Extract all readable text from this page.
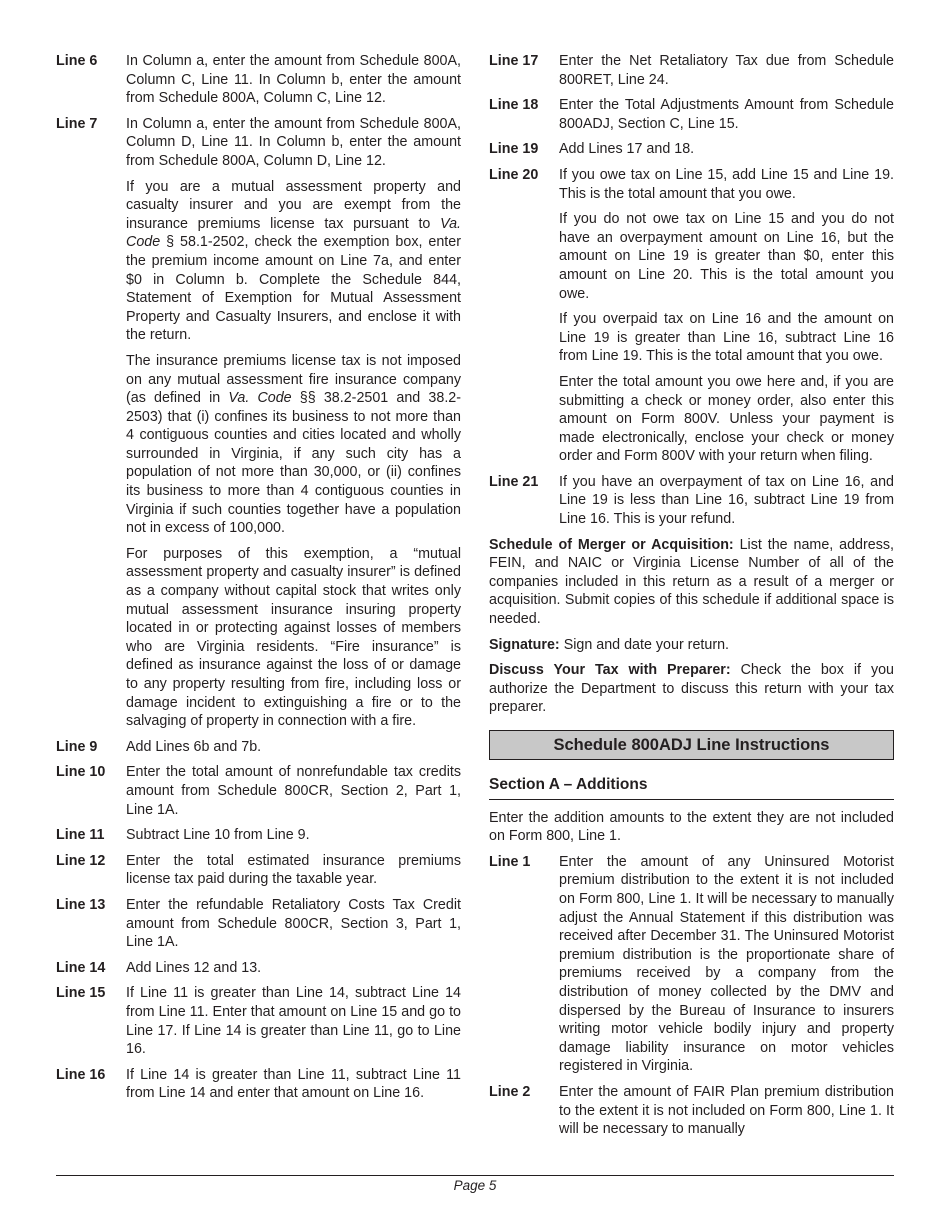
Line 6	In Column a, enter the amount from Schedule 800A, Column C, Line 11. In Column b, enter the amount from Schedule 800A, Column C, Line 12.

Line 7	In Column a, enter the amount from Schedule 800A, Column D, Line 11. In Column b, enter the amount from Schedule 800A, Column D, Line 12.

If you are a mutual assessment property and casualty insurer and you are exempt from the insurance premiums license tax pursuant to Va. Code § 58.1-2502, check the exemption box, enter the premium income amount on Line 7a, and enter $0 in Column b. Complete the Schedule 844, Statement of Exemption for Mutual Assessment Property and Casualty Insurers, and enclose it with the return.

The insurance premiums license tax is not imposed on any mutual assessment fire insurance company (as defined in Va. Code §§ 38.2-2501 and 38.2-2503) that (i) confines its business to not more than 4 contiguous counties and cities located and wholly surrounded in Virginia, if any such city has a population of not more than 30,000, or (ii) confines its business to more than 4 contiguous counties in Virginia if such counties together have a population not in excess of 100,000.

For purposes of this exemption, a “mutual assessment property and casualty insurer” is defined as a company without capital stock that writes only mutual assessment insurance insuring property located in or protecting against losses of members who are Virginia residents. “Fire insurance” is defined as insurance against the loss of or damage to any property resulting from fire, including loss or damage incident to extinguishing a fire or to the salvaging of property in connection with a fire.

Line 9	Add Lines 6b and 7b.

Line 10	Enter the total amount of nonrefundable tax credits amount from Schedule 800CR, Section 2, Part 1, Line 1A.

Line 11	Subtract Line 10 from Line 9.

Line 12	Enter the total estimated insurance premiums license tax paid during the taxable year.

Line 13	Enter the refundable Retaliatory Costs Tax Credit amount from Schedule 800CR, Section 3, Part 1, Line 1A.

Line 14	Add Lines 12 and 13.

Line 15	If Line 11 is greater than Line 14, subtract Line 14 from Line 11. Enter that amount on Line 15 and go to Line 17. If Line 14 is greater than Line 11, go to Line 16.

Line 16	If Line 14 is greater than Line 11, subtract Line 11 from Line 14 and enter that amount on Line 16.

Line 17	Enter the Net Retaliatory Tax due from Schedule 800RET, Line 24.

Line 18	Enter the Total Adjustments Amount from Schedule 800ADJ, Section C, Line 15.

Line 19	Add Lines 17 and 18.

Line 20	If you owe tax on Line 15, add Line 15 and Line 19. This is the total amount that you owe.

If you do not owe tax on Line 15 and you do not have an overpayment amount on Line 16, but the amount on Line 19 is greater than $0, enter this amount on Line 20. This is the total amount you owe.

If you overpaid tax on Line 16 and the amount on Line 19 is greater than Line 16, subtract Line 16 from Line 19. This is the total amount that you owe.

Enter the total amount you owe here and, if you are submitting a check or money order, also enter this amount on Form 800V. Unless your payment is made electronically, enclose your check or money order and Form 800V with your return when filing.

Line 21	If you have an overpayment of tax on Line 16, and Line 19 is less than Line 16, subtract Line 19 from Line 16. This is your refund.

Schedule of Merger or Acquisition: List the name, address, FEIN, and NAIC or Virginia License Number of all of the companies included in this return as a result of a merger or acquisition. Submit copies of this schedule if additional space is needed.

Signature: Sign and date your return.

Discuss Your Tax with Preparer: Check the box if you authorize the Department to discuss this return with your tax preparer.

Schedule 800ADJ Line Instructions
Section A – Additions

Enter the addition amounts to the extent they are not included on Form 800, Line 1.

Line 1	Enter the amount of any Uninsured Motorist premium distribution to the extent it is not included on Form 800, Line 1. It will be necessary to manually adjust the Annual Statement if this distribution was received after December 31. The Uninsured Motorist premium distribution is the proportionate share of premiums received by a company from the distribution of money collected by the DMV and dispersed by the Bureau of Insurance to insurers writing motor vehicle bodily injury and property damage liability insurance on motor vehicles registered in Virginia.

Line 2	Enter the amount of FAIR Plan premium distribution to the extent it is not included on Form 800, Line 1. It will be necessary to manually

Page 5
